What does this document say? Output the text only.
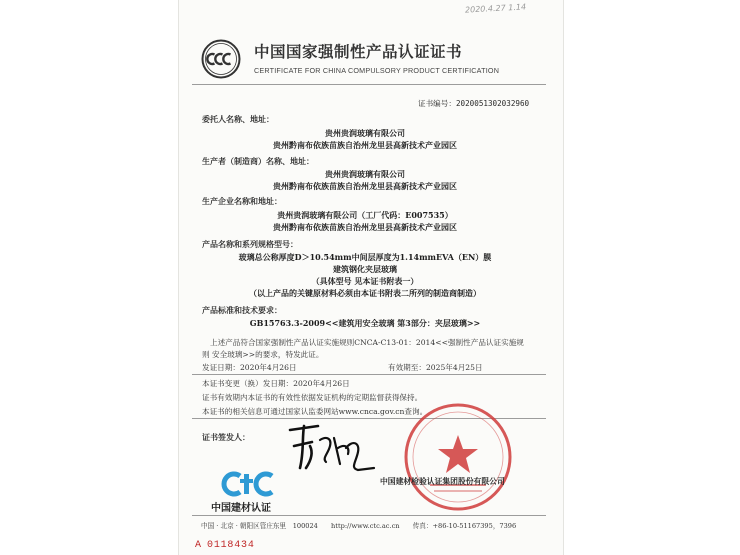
2020.4.27 1.14
中国国家强制性产品认证证书
CERTIFICATE FOR CHINA COMPULSORY PRODUCT CERTIFICATION
证书编号：2020051302032960
委托人名称、地址：
贵州贵润玻璃有限公司
贵州黔南布依族苗族自治州龙里县高新技术产业园区
生产者（制造商）名称、地址：
贵州贵润玻璃有限公司
贵州黔南布依族苗族自治州龙里县高新技术产业园区
生产企业名称和地址：
贵州贵润玻璃有限公司（工厂代码：E007535）
贵州黔南布依族苗族自治州龙里县高新技术产业园区
产品名称和系列规格型号：
玻璃总公称厚度D＞10.54mm中间层厚度为1.14mmEVA（EN）膜
建筑钢化夹层玻璃
（具体型号 见本证书附表一）
（以上产品的关键原材料必须由本证书附表二所列的制造商制造）
产品标准和技术要求：
GB15763.3-2009<<建筑用安全玻璃 第3部分：夹层玻璃>>
上述产品符合国家强制性产品认证实施规则CNCA-C13-01：2014<<强制性产品认证实施规
则 安全玻璃>>的要求，特发此证。
发证日期：2020年4月26日	有效期至：2025年4月25日
本证书变更（换）发日期：2020年4月26日
证书有效期内本证书的有效性依据发证机构的定期监督获得保持。
本证书的相关信息可通过国家认监委网站www.cnca.gov.cn查询。
证书签发人：
中国建材认证
中国建材检验认证集团股份有限公司
中国 · 北京 · 朝阳区管庄东里　100024　　http://www.ctc.ac.cn　　传真：+86-10-51167395，7396
A 0118434
